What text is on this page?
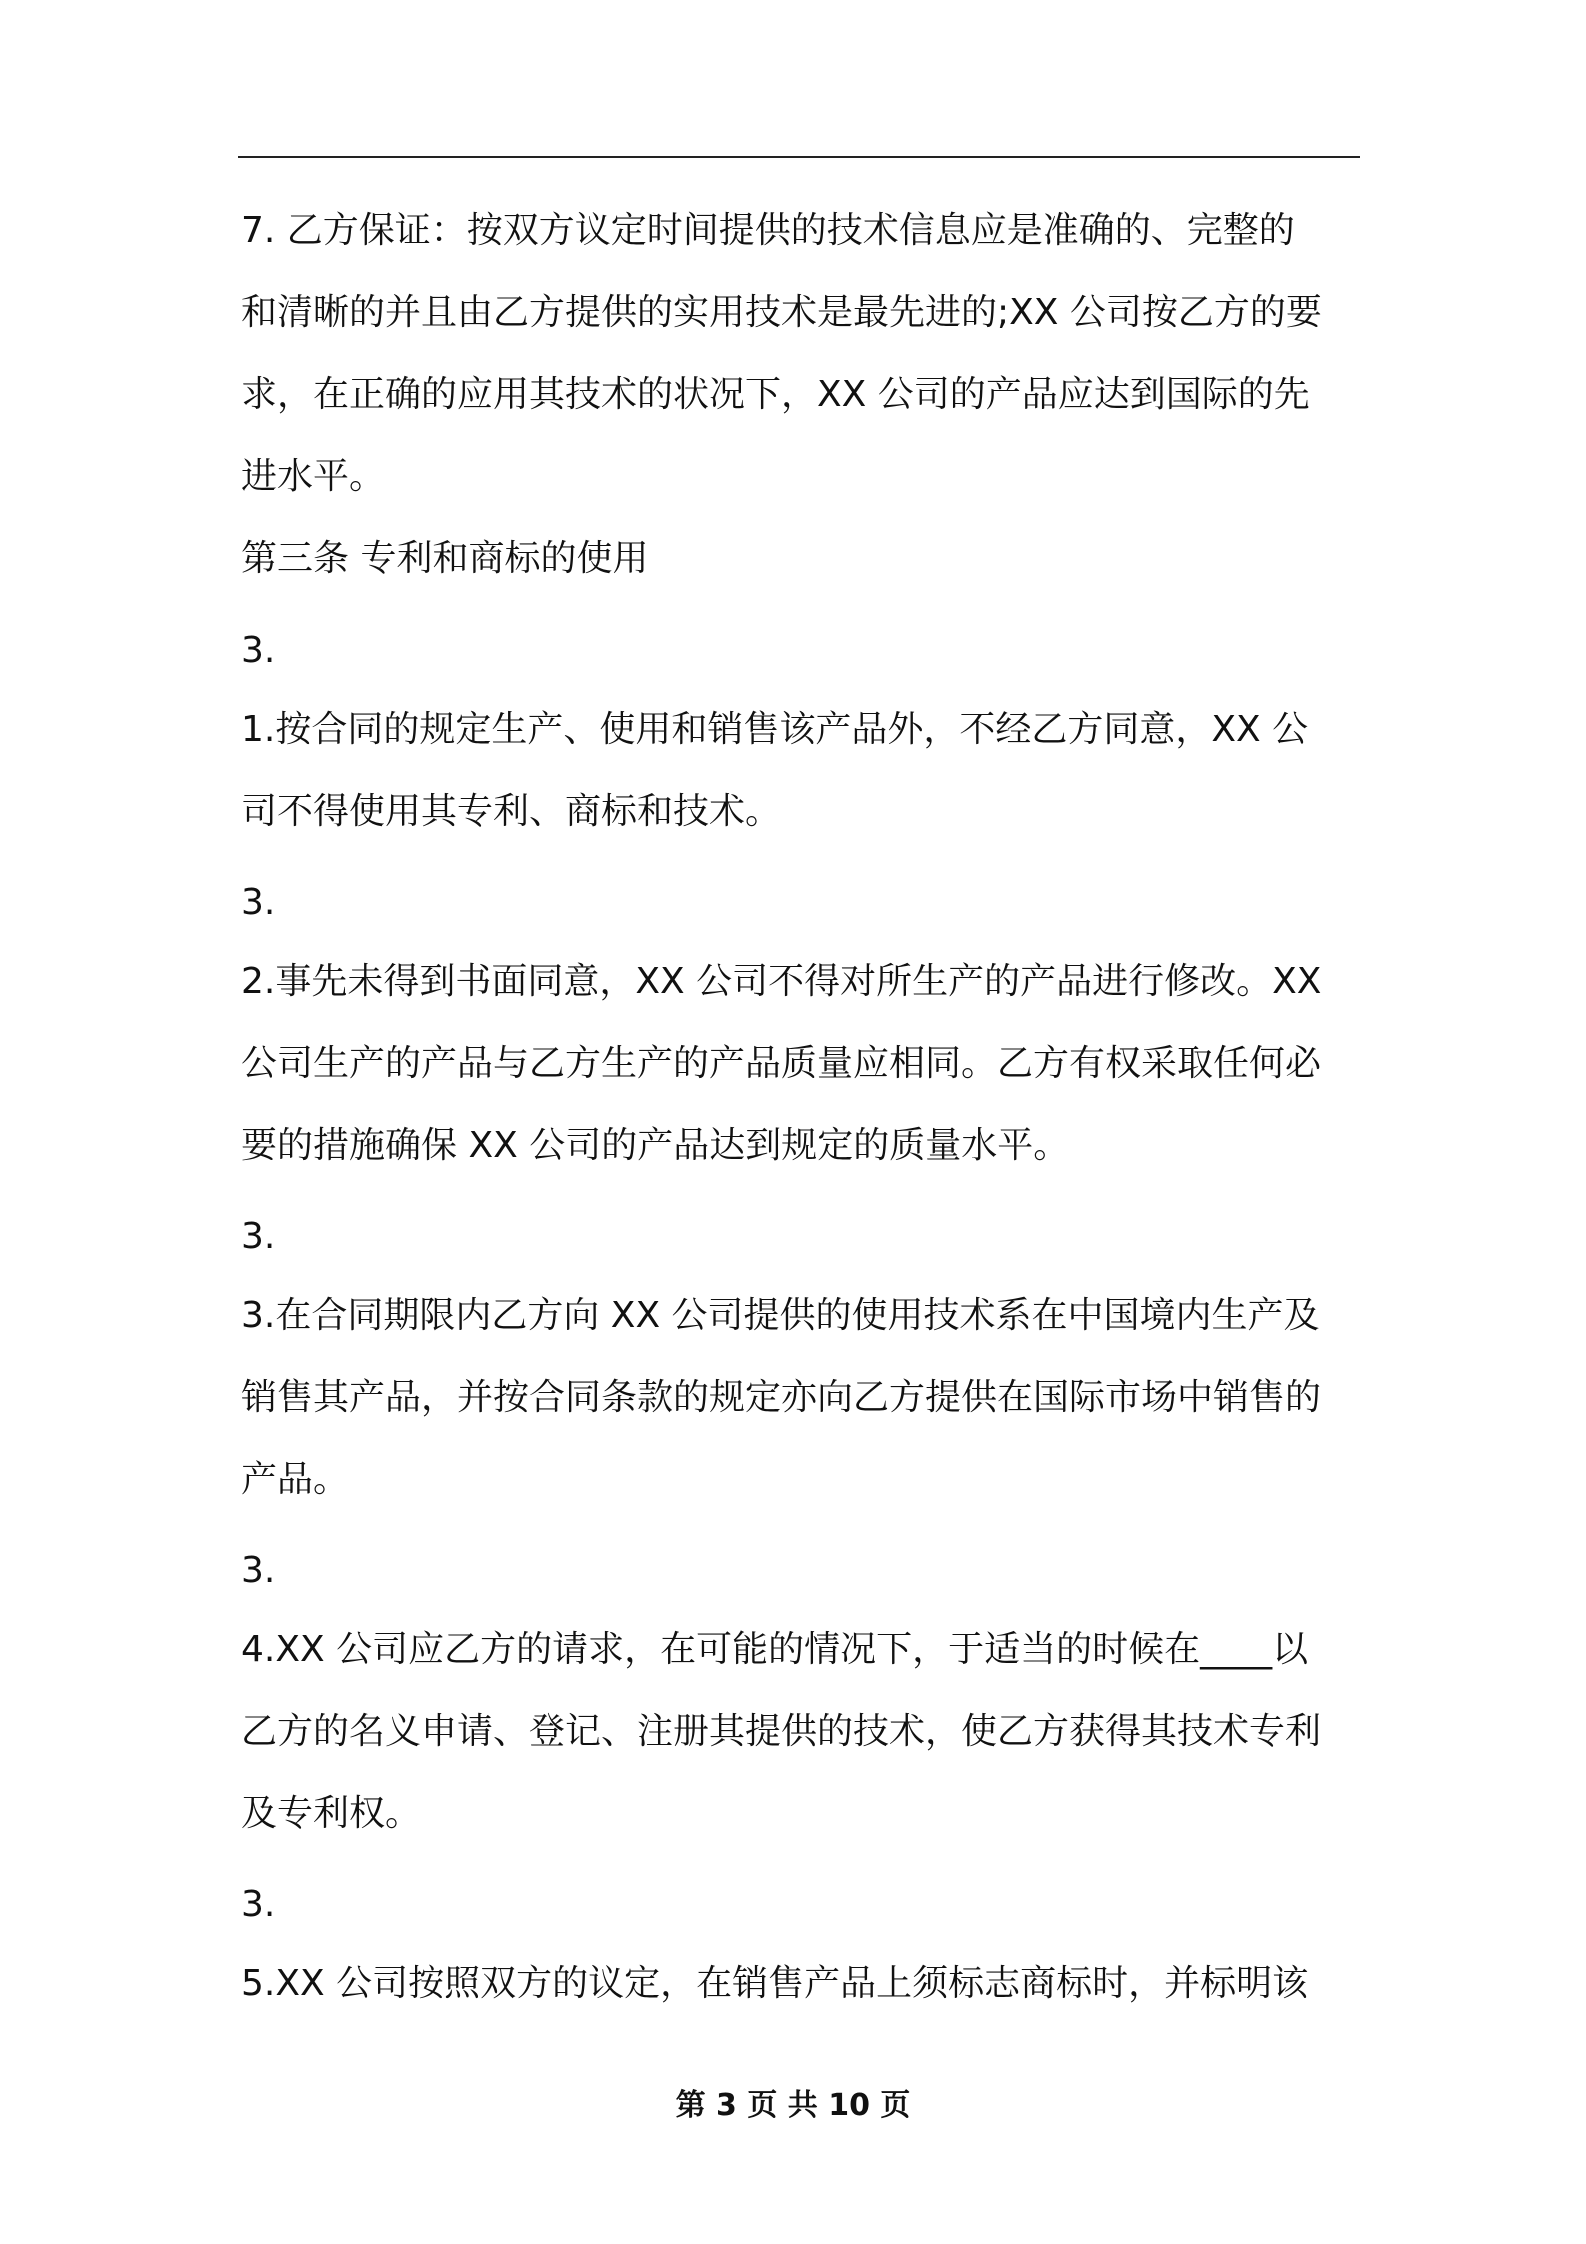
7. 乙方保证：按双方议定时间提供的技术信息应是准确的、完整的
和清晰的并且由乙方提供的实用技术是最先进的;XX 公司按乙方的要
求，在正确的应用其技术的状况下，XX 公司的产品应达到国际的先
进水平。
第三条 专利和商标的使用
3.
1.按合同的规定生产、使用和销售该产品外，不经乙方同意，XX 公
司不得使用其专利、商标和技术。
3.
2.事先未得到书面同意，XX 公司不得对所生产的产品进行修改。XX
公司生产的产品与乙方生产的产品质量应相同。乙方有权采取任何必
要的措施确保 XX 公司的产品达到规定的质量水平。
3.
3.在合同期限内乙方向 XX 公司提供的使用技术系在中国境内生产及
销售其产品，并按合同条款的规定亦向乙方提供在国际市场中销售的
产品。
3.
4.XX 公司应乙方的请求，在可能的情况下，于适当的时候在____以
乙方的名义申请、登记、注册其提供的技术，使乙方获得其技术专利
及专利权。
3.
5.XX 公司按照双方的议定，在销售产品上须标志商标时，并标明该
第 3 页 共 10 页
